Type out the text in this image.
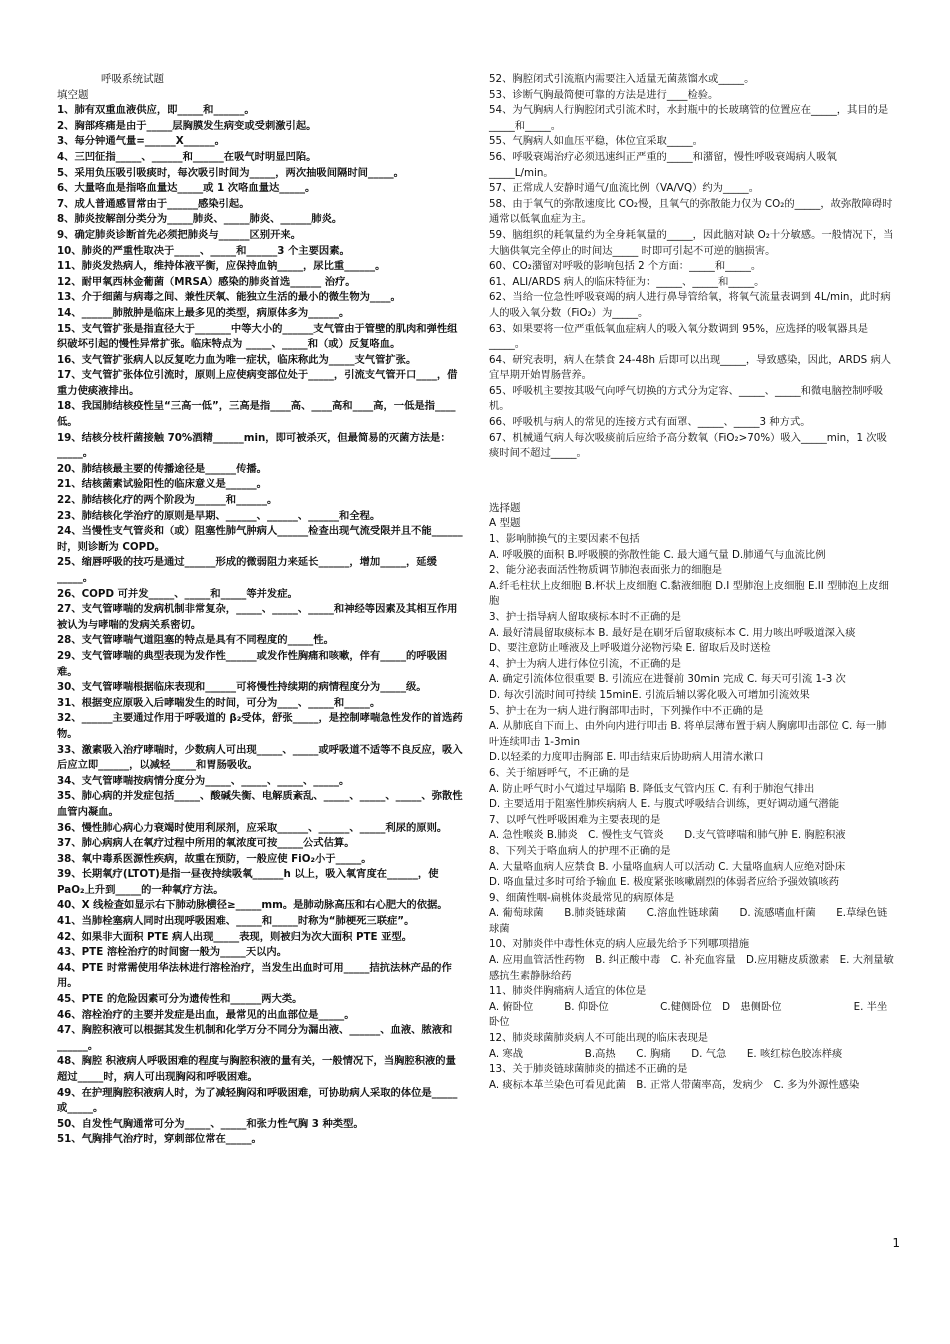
呼吸系统试题
填空题
1、肺有双重血液供应，即_____和______。
2、胸部疼痛是由于_____层胸膜发生病变或受刺激引起。
3、每分钟通气量=______X______。
4、三凹征指_____、______和______在吸气时明显凹陷。
5、采用负压吸引吸痰时，每次吸引时间为_____，两次抽吸间隔时间_____。
6、大量咯血是指咯血量达_____或 1 次咯血量达_____。
7、成人普通感冒常由于______感染引起。
8、肺炎按解剖分类分为_____肺炎、_____肺炎、______肺炎。
9、确定肺炎诊断首先必须把肺炎与______区别开来。
10、肺炎的严重性取决于_____、_____和______3 个主要因素。
11、肺炎发热病人，维持体液平衡，应保持血钠_____，尿比重______。
12、耐甲氧西林金葡菌（MRSA）感染的肺炎首选______ 治疗。
13、介于细菌与病毒之间、兼性厌氧、能独立生活的最小的微生物为____。
14、______肺脓肿是临床上最多见的类型，病原体多为______。
15、支气管扩张是指直径大于_______中等大小的______支气管由于管壁的肌肉和弹性组织破坏引起的慢性异常扩张。临床特点为 _____、_____和（或）反复咯血。
16、支气管扩张病人以反复吃力血为唯一症状，临床称此为_____支气管扩张。
17、支气管扩张体位引流时，原则上应使病变部位处于_____，引流支气管开口____，借重力使痰液排出。
18、我国肺结核疫性呈“三高一低”，三高是指____高、____高和____高，一低是指____低。
19、结核分枝杆菌接触 70%酒精______min，即可被杀灭，但最简易的灭菌方法是：_____。
20、肺结核最主要的传播途径是______传播。
21、结核菌素试验阳性的临床意义是______。
22、肺结核化疗的两个阶段为______和______。
23、肺结核化学治疗的原则是早期、______、______、______和全程。
24、当慢性支气管炎和（或）阻塞性肺气肿病人______检查出现气流受限并且不能______时，则诊断为 COPD。
25、缩唇呼吸的技巧是通过______形成的微弱阻力来延长______，增加_____，延缓_____。
26、COPD 可并发_____、_____和_____等并发症。
27、支气管哮喘的发病机制非常复杂，_____、_____、_____和神经等因素及其相互作用被认为与哮喘的发病关系密切。
28、支气管哮喘气道阻塞的特点是具有不同程度的_____性。
29、支气管哮喘的典型表现为发作性______或发作性胸痛和咳嗽，伴有_____的呼吸困难。
30、支气管哮喘根据临床表现和______可将慢性持续期的病情程度分为_____级。
31、根据变应原吸入后哮喘发生的时间，可分为____、_____和_____。
32、______主要通过作用于呼吸道的 β₂受体，舒张_____，是控制哮喘急性发作的首选药物。
33、激素吸入治疗哮喘时，少数病人可出现_____、_____或呼吸道不适等不良反应，吸入后应立即______，以减轻_____和胃肠吸收。
34、支气管哮喘按病情分度分为_____、_____、_____、_____。
35、肺心病的并发症包括_____、酸碱失衡、电解质紊乱、_____、_____、_____、弥散性血管内凝血。
36、慢性肺心病心力衰竭时使用利尿剂，应采取______、______、_____利尿的原则。
37、肺心病病人在氧疗过程中所用的氧浓度可按_____公式估算。
38、氧中毒系医源性疾病，故重在预防，一般应使 FiO₂小于_____。
39、长期氧疗(LTOT)是指一昼夜持续吸氧______h 以上，吸入氧宵度在______，使 PaO₂上升到_____的一种氧疗方法。
40、X 线检查如显示右下肺动脉横径≥_____mm。是肺动脉高压和右心肥大的依据。
41、当肺栓塞病人同时出现呼吸困难、_____和_____时称为“肺梗死三联症”。
42、如果非大面积 PTE 病人出现_____表现，则被归为次大面积 PTE 亚型。
43、PTE 溶栓治疗的时间窗一般为_____天以内。
44、PTE 时常需使用华法林进行溶栓治疗，当发生出血时可用_____拮抗法林产品的作用。
45、PTE 的危险因素可分为遗传性和______两大类。
46、溶栓治疗的主要并发症是出血，最常见的出血部位是_____。
47、胸腔积液可以根据其发生机制和化学万分不同分为漏出液、______、血液、脓液和______。
48、胸腔 积液病人呼吸困难的程度与胸腔积液的量有关，一般情况下，当胸腔积液的量超过_____时，病人可出现胸闷和呼吸困难。
49、在护理胸腔积液病人时，为了减轻胸闷和呼吸困难，可协助病人采取的体位是_____或_____。
50、自发性气胸通常可分为_____、_____和张力性气胸 3 种类型。
51、气胸排气治疗时，穿刺部位常在_____。
52、胸腔闭式引流瓶内需要注入适量无菌蒸馏水或_____。
53、诊断气胸最简便可靠的方法是进行____检验。
54、为气胸病人行胸腔闭式引流术时，水封瓶中的长玻璃管的位置应在_____，其目的是_____和_____。
55、气胸病人如血压平稳，体位宜采取_____。
56、呼吸衰竭治疗必须迅速纠正严重的_____和潴留，慢性呼吸衰竭病人吸氧_____L/min。
57、正常成人安静时通气/血流比例（VA/VQ）约为_____。
58、由于氧气的弥散速度比 CO₂慢，且氧气的弥散能力仅为 CO₂的_____，故弥散障碍时通常以低氧血症为主。
59、脑组织的耗氧量约为全身耗氧量的_____，因此脑对缺 O₂十分敏感。一般情况下，当大脑供氧完全停止的时间达_____ 时即可引起不可逆的脑损害。
60、CO₂潴留对呼吸的影响包括 2 个方面：_____和_____。
61、ALI/ARDS 病人的临床特征为：_____、_____和_____。
62、当给一位急性呼吸衰竭的病人进行鼻导管给氧，将氧气流量表调到 4L/min，此时病人的吸入氧分数（FiO₂）为_____。
63、如果要将一位严重低氧血症病人的吸入氧分数调到 95%，应选择的吸氧器具是_____。
64、研究表明，病人在禁食 24-48h 后即可以出现_____，导致感染，因此，ARDS 病人宜早期开始胃肠营养。
65、呼吸机主要按其吸气向呼气切换的方式分为定容、_____、_____和微电脑控制呼吸机。
66、呼吸机与病人的常见的连接方式有面罩、_____、_____3 种方式。
67、机械通气病人每次吸痰前后应给予高分数氧（FiO₂>70%）吸入_____min，1 次吸痰时间不超过_____。
选择题
A 型题
1、影响肺换气的主要因素不包括
A. 呼吸膜的面积 B.呼吸膜的弥散性能 C. 最大通气量 D.肺通气与血流比例
2、能分泌表面活性物质调节肺泡表面张力的细胞是
A.纤毛柱状上皮细胞 B.杯状上皮细胞 C.黏液细胞 D.I 型肺泡上皮细胞 E.II 型肺泡上皮细胞
3、护士指导病人留取痰标本时不正确的是
A. 最好清晨留取痰标本 B. 最好是在刷牙后留取痰标本 C. 用力咳出呼吸道深入痰
D、要注意防止唾液及上呼吸道分泌物污染 E. 留取后及时送检
4、护士为病人进行体位引流，不正确的是
A. 确定引流体位很重要 B. 引流应在进餐前 30min 完成 C. 每天可引流 1-3 次
D. 每次引流时间可持续 15minE. 引流后辅以雾化吸入可增加引流效果
5、护士在为一病人进行胸部叩击时，下列操作中不正确的是
A. 从肺底自下而上、由外向内进行叩击 B. 将单层薄布置于病人胸廓叩击部位 C. 每一肺叶连续叩击 1-3min
D.以轻柔的力度叩击胸部 E. 叩击结束后协助病人用清水漱口
6、关于缩唇呼气，不正确的是
A. 防止呼气时小气道过早塌陷 B. 降低支气管内压 C. 有利于肺泡气排出
D. 主要适用于阻塞性肺疾病病人 E. 与腹式呼吸结合训练，更好调动通气潜能
7、以呼气性呼吸困难为主要表现的是
A. 急性喉炎 B.肺炎　C. 慢性支气管炎　　D.支气管哮喘和肺气肿 E. 胸腔积液
8、下列关于咯血病人的护理不正确的是
A. 大量咯血病人应禁食 B. 小量咯血病人可以活动 C. 大量咯血病人应绝对卧床
D. 咯血量过多时可给予输血 E. 极度紧张咳嗽剧烈的体弱者应给予强效镇咳药
9、细菌性咽-扁桃体炎最常见的病原体是
A. 葡萄球菌　　B.肺炎链球菌　　C.溶血性链球菌　　D. 流感嗜血杆菌　　E.草绿色链球菌
10、对肺炎伴中毒性休克的病人应最先给予下列哪项措施
A. 应用血管活性药物　B. 纠正酸中毒　C. 补充血容量　D.应用糖皮质激素　E. 大剂量敏感抗生素静脉给药
11、肺炎伴胸痛病人适宜的体位是
A. 俯卧位　　　B. 仰卧位　　　　　C.健侧卧位　D　患侧卧位　　　　　　　E. 半坐卧位
12、肺炎球菌肺炎病人不可能出现的临床表现是
A. 寒战　　　　　　B.高热　　C. 胸痛　　D. 气急　　E. 咳红棕色胶冻样痰
13、关于肺炎链球菌肺炎的描述不正确的是
A. 痰标本革兰染色可看见此菌　B. 正常人带菌率高，发病少　C. 多为外源性感染
1
